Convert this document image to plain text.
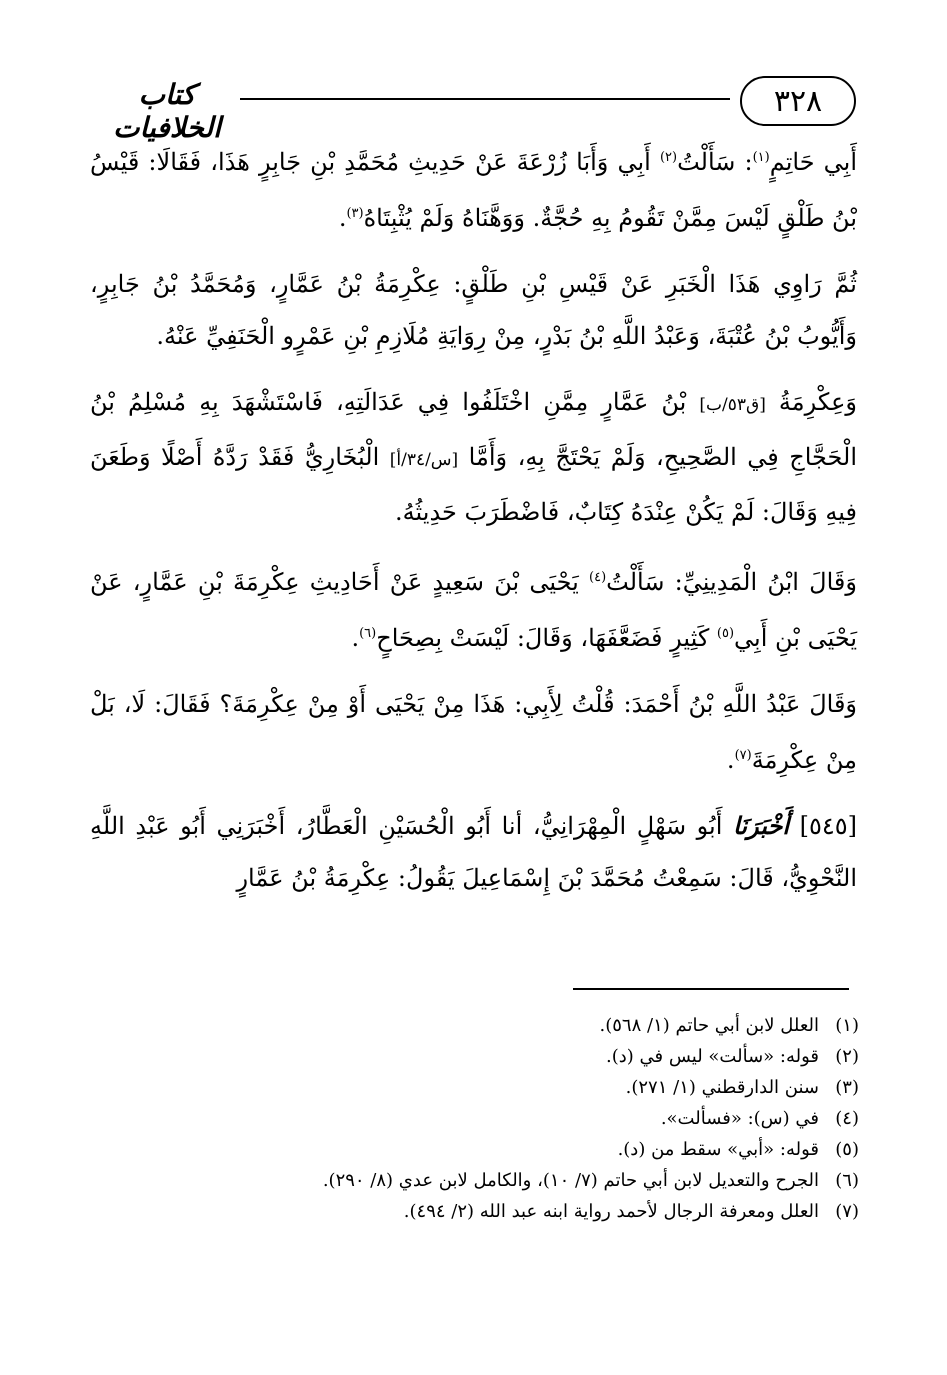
٣٢٨
كتاب الخلافيات

أَبِي حَاتِمٍ$^{(١)}$: سَأَلْتُ$^{(٢)}$ أَبِي وَأَبَا زُرْعَةَ عَنْ حَدِيثِ مُحَمَّدِ بْنِ جَابِرٍ هَذَا، فَقَالَا: قَيْسُ بْنُ طَلْقٍ لَيْسَ مِمَّنْ تَقُومُ بِهِ حُجَّةٌ. وَوَهَّنَاهُ وَلَمْ يُثْبِتَاهُ$^{(٣)}$.

ثُمَّ رَاوِي هَذَا الْخَبَرِ عَنْ قَيْسِ بْنِ طَلْقٍ: عِكْرِمَةُ بْنُ عَمَّارٍ، وَمُحَمَّدُ بْنُ جَابِرٍ، وَأَيُّوبُ بْنُ عُتْبَةَ، وَعَبْدُ اللَّهِ بْنُ بَدْرٍ، مِنْ رِوَايَةِ مُلَازِمِ بْنِ عَمْرٍو الْحَنَفِيِّ عَنْهُ.

وَعِكْرِمَةُ [ق٥٣/ب] بْنُ عَمَّارٍ مِمَّنِ اخْتَلَفُوا فِي عَدَالَتِهِ، فَاسْتَشْهَدَ بِهِ مُسْلِمُ بْنُ الْحَجَّاجِ فِي الصَّحِيحِ، وَلَمْ يَحْتَجَّ بِهِ، وَأَمَّا [س/٣٤/أ] الْبُخَارِيُّ فَقَدْ رَدَّهُ أَصْلًا وَطَعَنَ فِيهِ وَقَالَ: لَمْ يَكُنْ عِنْدَهُ كِتَابٌ، فَاضْطَرَبَ حَدِيثُهُ.

وَقَالَ ابْنُ الْمَدِينِيِّ: سَأَلْتُ$^{(٤)}$ يَحْيَى بْنَ سَعِيدٍ عَنْ أَحَادِيثِ عِكْرِمَةَ بْنِ عَمَّارٍ، عَنْ يَحْيَى بْنِ أَبِي$^{(٥)}$ كَثِيرٍ فَضَعَّفَهَا، وَقَالَ: لَيْسَتْ بِصِحَاحٍ$^{(٦)}$.

وَقَالَ عَبْدُ اللَّهِ بْنُ أَحْمَدَ: قُلْتُ لِأَبِي: هَذَا مِنْ يَحْيَى أَوْ مِنْ عِكْرِمَةَ؟ فَقَالَ: لَا، بَلْ مِنْ عِكْرِمَةَ$^{(٧)}$.

[٥٤٥] أَخْبَرَنَا أَبُو سَهْلٍ الْمِهْرَانِيُّ، أنا أَبُو الْحُسَيْنِ الْعَطَّارُ، أَخْبَرَنِي أَبُو عَبْدِ اللَّهِ النَّحْوِيُّ، قَالَ: سَمِعْتُ مُحَمَّدَ بْنَ إِسْمَاعِيلَ يَقُولُ: عِكْرِمَةُ بْنُ عَمَّارٍ

(١)
العلل لابن أبي حاتم (١/ ٥٦٨).
(٢)
قوله: «سألت» ليس في (د).
(٣)
سنن الدارقطني (١/ ٢٧١).
(٤)
في (س): «فسألت».
(٥)
قوله: «أبي» سقط من (د).
(٦)
الجرح والتعديل لابن أبي حاتم (٧/ ١٠)، والكامل لابن عدي (٨/ ٢٩٠).
(٧)
العلل ومعرفة الرجال لأحمد رواية ابنه عبد الله (٢/ ٤٩٤).
